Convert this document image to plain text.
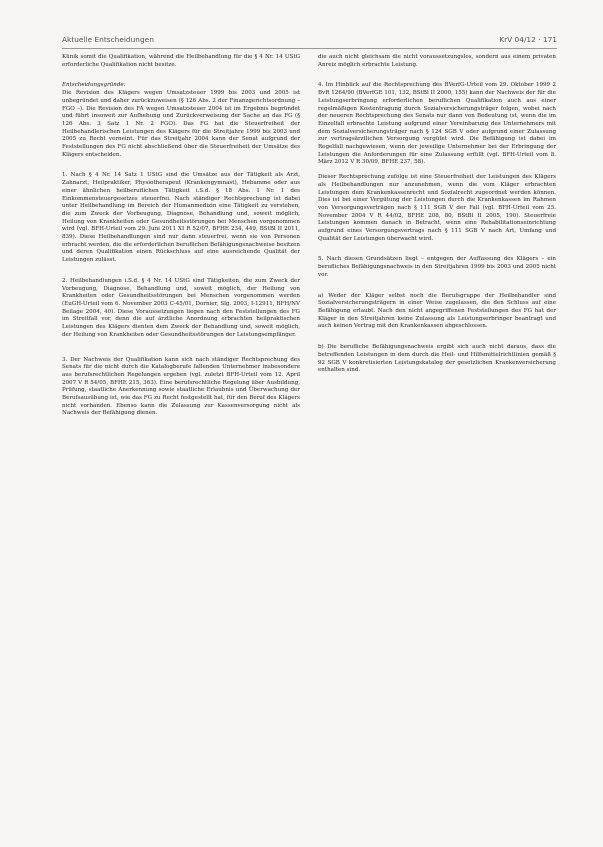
Aktuelle Entscheidungen	KrV 04/12 · 171

Klinik somit die Qualifikation, während die Heilbehandlung für die § 4 Nr. 14 UStG erforderliche Qualifikation nicht besitze.

Entscheidungsgründe:

Die Revision des Klägers wegen Umsatzsteuer 1999 bis 2003 und 2005 ist unbegründet und daher zurückzuweisen (§ 126 Abs. 2 der Finanzgerichtsordnung – FGO –). Die Revision des FA wegen Umsatzsteuer 2004 ist im Ergebnis begründet und führt insoweit zur Aufhebung und Zurückverweisung der Sache an das FG (§ 126 Abs. 3 Satz 1 Nr. 2 FGO). Das FG hat die Steuerfreiheit der Heilbehandlerischen Leistungen des Klägers für die Streitjahre 1999 bis 2003 und 2005 zu Recht verneint. Für das Streitjahr 2004 kann der Senat aufgrund der Feststellungen des FG nicht abschließend über die Steuerfreiheit der Umsätze des Klägers entscheiden.

1. Nach § 4 Nr. 14 Satz 1 UStG sind die Umsätze aus der Tätigkeit als Arzt, Zahnarzt, Heilpraktiker, Physiotherapeut (Krankengymnast), Hebamme oder aus einer ähnlichen heilberuflichen Tätigkeit i.S.d. § 18 Abs. 1 Nr. 1 des Einkommensteuergesetzes steuerfrei. Nach ständiger Rechtsprechung ist dabei unter Heilbehandlung im Bereich der Humanmedizin eine Tätigkeit zu verstehen, die zum Zweck der Vorbeugung, Diagnose, Behandlung und, soweit möglich, Heilung von Krankheiten oder Gesundheitsstörungen bei Menschen vorgenommen wird (vgl. BFH-Urteil vom 29. Juni 2011 XI R 52/07, BFHE 234, 449, BStBl II 2011, 839). Diese Heilbehandlungen sind nur dann steuerfrei, wenn sie von Personen erbracht werden, die die erforderlichen beruflichen Befähigungsnachweise besitzen und deren Qualifikation einen Rückschluss auf eine ausreichende Qualität der Leistungen zulässt.

2. Heilbehandlungen i.S.d. § 4 Nr. 14 UStG sind Tätigkeiten, die zum Zweck der Vorbeugung, Diagnose, Behandlung und, soweit möglich, der Heilung von Krankheiten oder Gesundheitsstörungen bei Menschen vorgenommen werden (EuGH-Urteil vom 6. November 2003 C-45/01, Dornier, Slg. 2003, I-12911, BFH/NV Beilage 2004, 40). Diese Voraussetzungen liegen nach den Feststellungen des FG im Streitfall vor, denn die auf ärztliche Anordnung erbrachten heilpraktischen Leistungen des Klägers dienten dem Zweck der Behandlung und, soweit möglich, der Heilung von Krankheiten oder Gesundheitsstörungen der Leistungsempfänger.

3. Der Nachweis der Qualifikation kann sich nach ständiger Rechtsprechung des Senats für die nicht durch die Katalogberufe fallenden Unternehmer insbesondere aus berufsrechtlichen Regelungen ergeben (vgl. zuletzt BFH-Urteil vom 12. April 2007 V R 54/05, BFHE 215, 363). Eine berufsrechtliche Regelung über Ausbildung, Prüfung, staatliche Anerkennung sowie staatliche Erlaubnis und Überwachung der Berufsausübung ist, wie das FG zu Recht festgestellt hat, für den Beruf des Klägers nicht vorhanden. Ebenso kann die Zulassung zur Kassenversorgung nicht als Nachweis der Befähigung dienen.

die auch nicht gleichsam die nicht voraussetzungslos, sondern aus einem privaten Anreiz möglich erbrachte Leistung.

4. Im Hinblick auf die Rechtsprechung des BVerfG-Urteil vom 29. Oktober 1999 2 BvR 1264/90 (BVerfGE 101, 132, BStBl II 2000, 155) kann der Nachweis der für die Leistungserbringung erforderlichen beruflichen Qualifikation auch aus einer regelmäßigen Kostentragung durch Sozialversicherungsträger folgen, wobei nach der neueren Rechtsprechung des Senats nur dann von Bedeutung ist, wenn die im Einzelfall erbrachte Leistung aufgrund einer Vereinbarung des Unternehmers mit dem Sozialversicherungsträger nach § 124 SGB V oder aufgrund einer Zulassung zur vertragsärztlichen Versorgung vergütet wird. Die Befähigung ist dabei im Regelfall nachgewiesen, wenn der jeweilige Unternehmer bei der Erbringung der Leistungen die Anforderungen für eine Zulassung erfüllt (vgl. BFH-Urteil vom 8. März 2012 V R 30/09, BFHE 237, 58).

Dieser Rechtsprechung zufolge ist eine Steuerfreiheit der Leistungen des Klägers als Heilbehandlungen nur anzunehmen, wenn die vom Kläger erbrachten Leistungen dem Krankenkassenrecht und Sozialrecht zugeordnet werden können. Dies ist bei einer Vergütung der Leistungen durch die Krankenkassen im Rahmen von Versorgungsverträgen nach § 111 SGB V der Fall (vgl. BFH-Urteil vom 25. November 2004 V R 44/02, BFHE 208, 80, BStBl II 2005, 190). Steuerfreie Leistungen kommen danach in Betracht, wenn eine Rehabilitationseinrichtung aufgrund eines Versorgungsvertrags nach § 111 SGB V nach Art, Umfang und Qualität der Leistungen überwacht wird.

5. Nach diesen Grundsätzen liegt – entgegen der Auffassung des Klägers – ein berufliches Befähigungsnachweis in den Streitjahren 1999 bis 2003 und 2005 nicht vor.

a) Weder der Kläger selbst noch die Berufsgruppe der Heilbehandler sind Sozialversicherungsträgern in einer Weise zugelassen, die den Schluss auf eine Befähigung erlaubt. Nach den nicht angegriffenen Feststellungen des FG hat der Kläger in den Streitjahren keine Zulassung als Leistungserbringer beantragt und auch keinen Vertrag mit den Krankenkassen abgeschlossen.

b) Die berufliche Befähigungsnachweis ergibt sich auch nicht daraus, dass die betreffenden Leistungen in dem durch die Heil- und Hilfsmittelrichtlinien gemäß § 92 SGB V konkretisierten Leistungskatalog der gesetzlichen Krankenversicherung enthalten sind.
